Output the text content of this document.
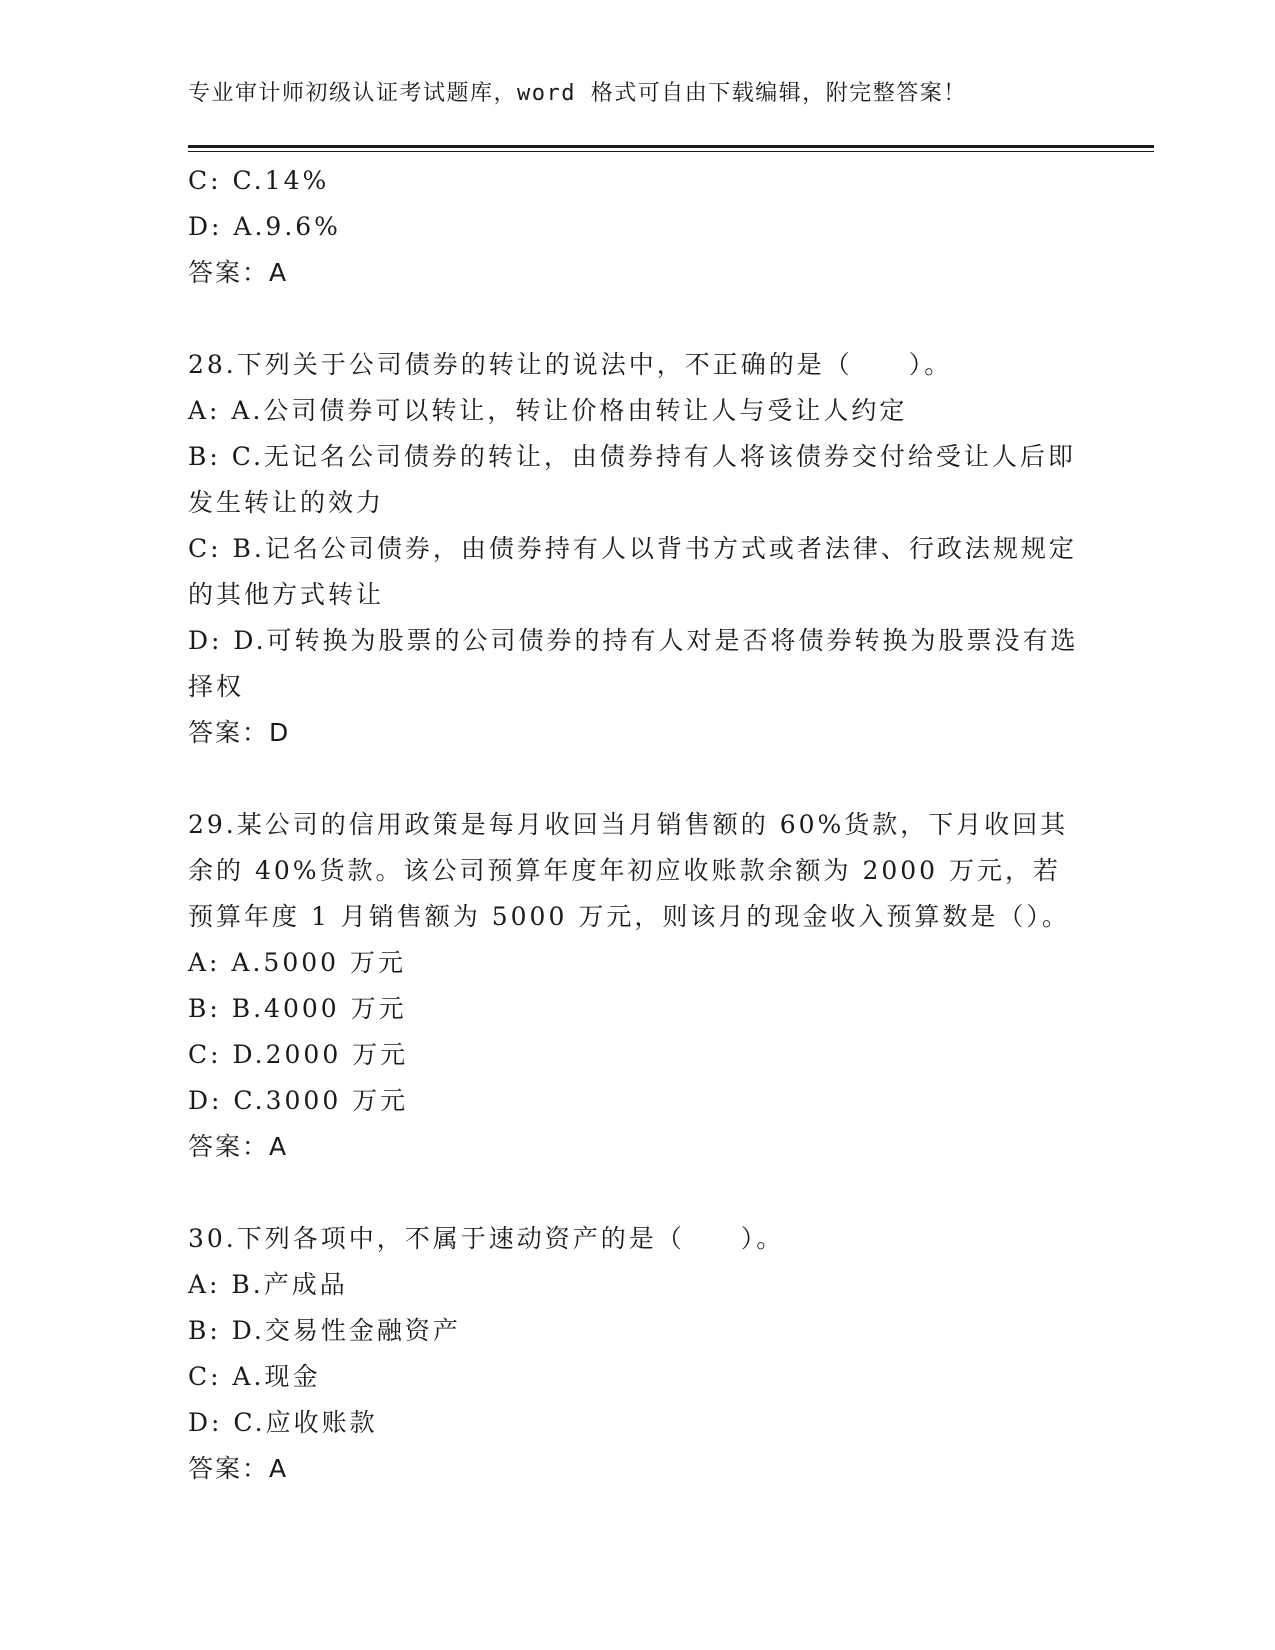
专业审计师初级认证考试题库，word 格式可自由下载编辑，附完整答案！
C: C.14%
D: A.9.6%
答案：A
28.下列关于公司债券的转让的说法中，不正确的是（　　）。
A: A.公司债券可以转让，转让价格由转让人与受让人约定
B: C.无记名公司债券的转让，由债券持有人将该债券交付给受让人后即发生转让的效力
C: B.记名公司债券，由债券持有人以背书方式或者法律、行政法规规定的其他方式转让
D: D.可转换为股票的公司债券的持有人对是否将债券转换为股票没有选择权
答案：D
29.某公司的信用政策是每月收回当月销售额的 60%货款，下月收回其余的 40%货款。该公司预算年度年初应收账款余额为 2000 万元，若预算年度 1 月销售额为 5000 万元，则该月的现金收入预算数是（）。
A: A.5000 万元
B: B.4000 万元
C: D.2000 万元
D: C.3000 万元
答案：A
30.下列各项中，不属于速动资产的是（　　）。
A: B.产成品
B: D.交易性金融资产
C: A.现金
D: C.应收账款
答案：A
